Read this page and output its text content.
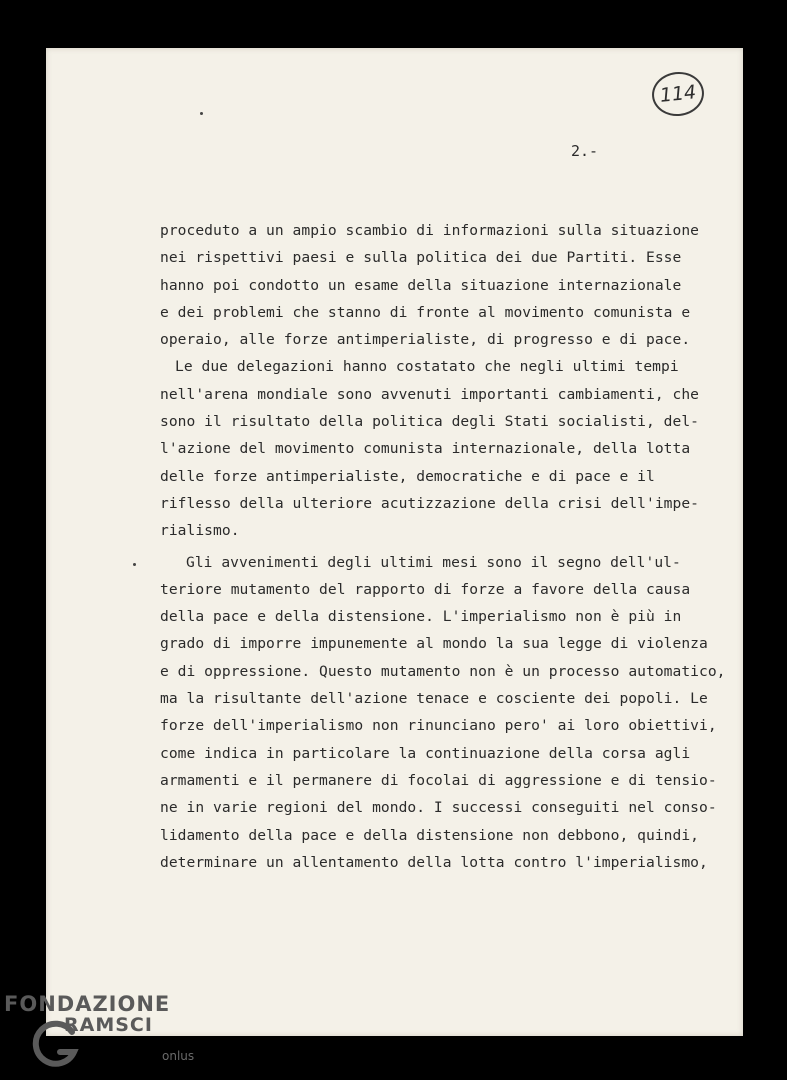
114
2.-
proceduto a un ampio scambio di informazioni sulla situazione
nei rispettivi paesi e sulla politica dei due Partiti. Esse
hanno poi condotto un esame della situazione internazionale
e dei problemi che stanno di fronte al movimento comunista e
operaio, alle forze antimperialiste, di progresso e di pace.
Le due delegazioni hanno costatato che negli ultimi tempi
nell'arena mondiale sono avvenuti importanti cambiamenti, che
sono il risultato della politica degli Stati socialisti, del-
l'azione del movimento comunista internazionale, della lotta
delle forze antimperialiste, democratiche e di pace e il
riflesso della ulteriore acutizzazione della crisi dell'impe-
rialismo.
Gli avvenimenti degli ultimi mesi sono il segno dell'ul-
teriore mutamento del rapporto di forze a favore della causa
della pace e della distensione. L'imperialismo non è più in
grado di imporre impunemente al mondo la sua legge di violenza
e di oppressione. Questo mutamento non è un processo automatico,
ma la risultante dell'azione tenace e cosciente dei popoli. Le
forze dell'imperialismo non rinunciano pero' ai loro obiettivi,
come indica in particolare la continuazione della corsa agli
armamenti e il permanere di focolai di aggressione e di tensio-
ne in varie regioni del mondo. I successi conseguiti nel conso-
lidamento della pace e della distensione non debbono, quindi,
determinare un allentamento della lotta contro l'imperialismo,
FONDAZIONE
RAMSCI
onlus
